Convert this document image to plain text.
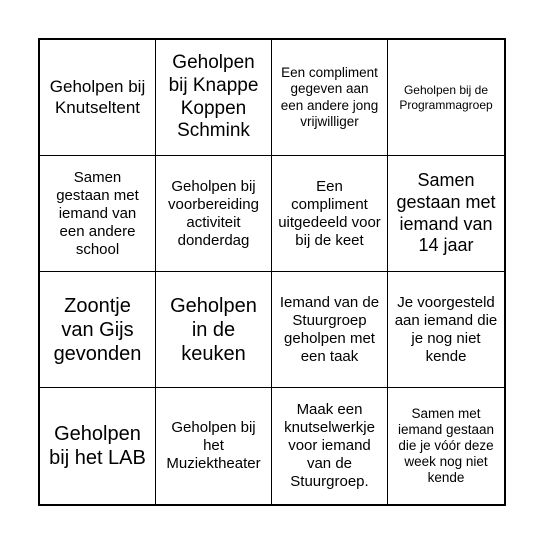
Geholpen bij Knutseltent
Geholpen bij Knappe Koppen Schmink
Een compliment gegeven aan een andere jong vrijwilliger
Geholpen bij de Programmagroep
Samen gestaan met iemand van een andere school
Geholpen bij voorbereiding activiteit donderdag
Een compliment uitgedeeld voor bij de keet
Samen gestaan met iemand van 14 jaar
Zoontje van Gijs gevonden
Geholpen in de keuken
Iemand van de Stuurgroep geholpen met een taak
Je voorgesteld aan iemand die je nog niet kende
Geholpen bij het LAB
Geholpen bij het Muziektheater
Maak een knutselwerkje voor iemand van de Stuurgroep.
Samen met iemand gestaan die je vóór deze week nog niet kende
